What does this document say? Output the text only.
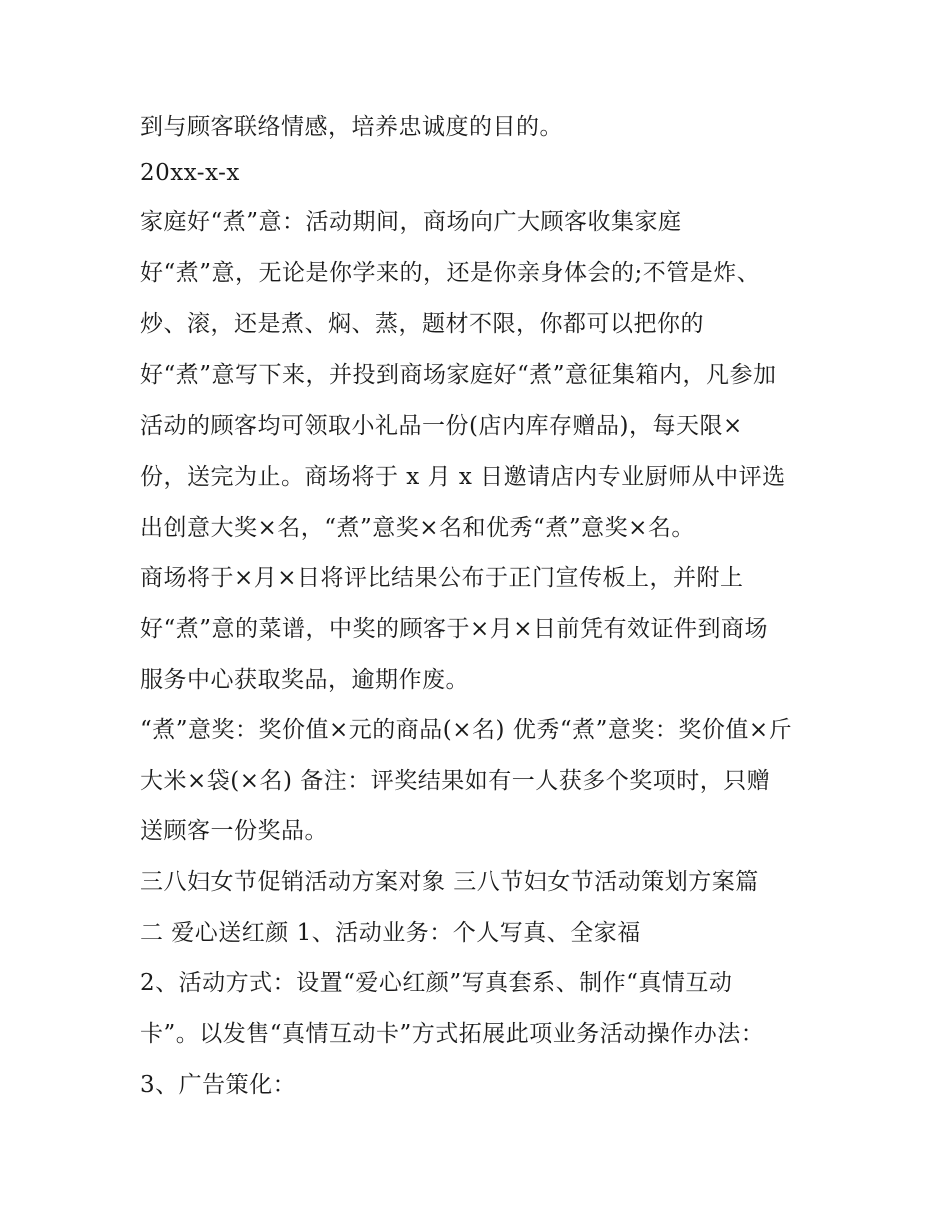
到与顾客联络情感，培养忠诚度的目的。
20xx-x-x
家庭好“煮”意：活动期间，商场向广大顾客收集家庭
好“煮”意，无论是你学来的，还是你亲身体会的;不管是炸、
炒、滚，还是煮、焖、蒸，题材不限，你都可以把你的
好“煮”意写下来，并投到商场家庭好“煮”意征集箱内，凡参加
活动的顾客均可领取小礼品一份(店内库存赠品)，每天限×
份，送完为止。商场将于 x 月 x 日邀请店内专业厨师从中评选
出创意大奖×名，“煮”意奖×名和优秀“煮”意奖×名。
商场将于×月×日将评比结果公布于正门宣传板上，并附上
好“煮”意的菜谱，中奖的顾客于×月×日前凭有效证件到商场
服务中心获取奖品，逾期作废。
“煮”意奖：奖价值×元的商品(×名) 优秀“煮”意奖：奖价值×斤
大米×袋(×名) 备注：评奖结果如有一人获多个奖项时，只赠
送顾客一份奖品。
三八妇女节促销活动方案对象 三八节妇女节活动策划方案篇
二 爱心送红颜 1、活动业务：个人写真、全家福
2、活动方式：设置“爱心红颜”写真套系、制作“真情互动
卡”。以发售“真情互动卡”方式拓展此项业务活动操作办法：
3、广告策化：
